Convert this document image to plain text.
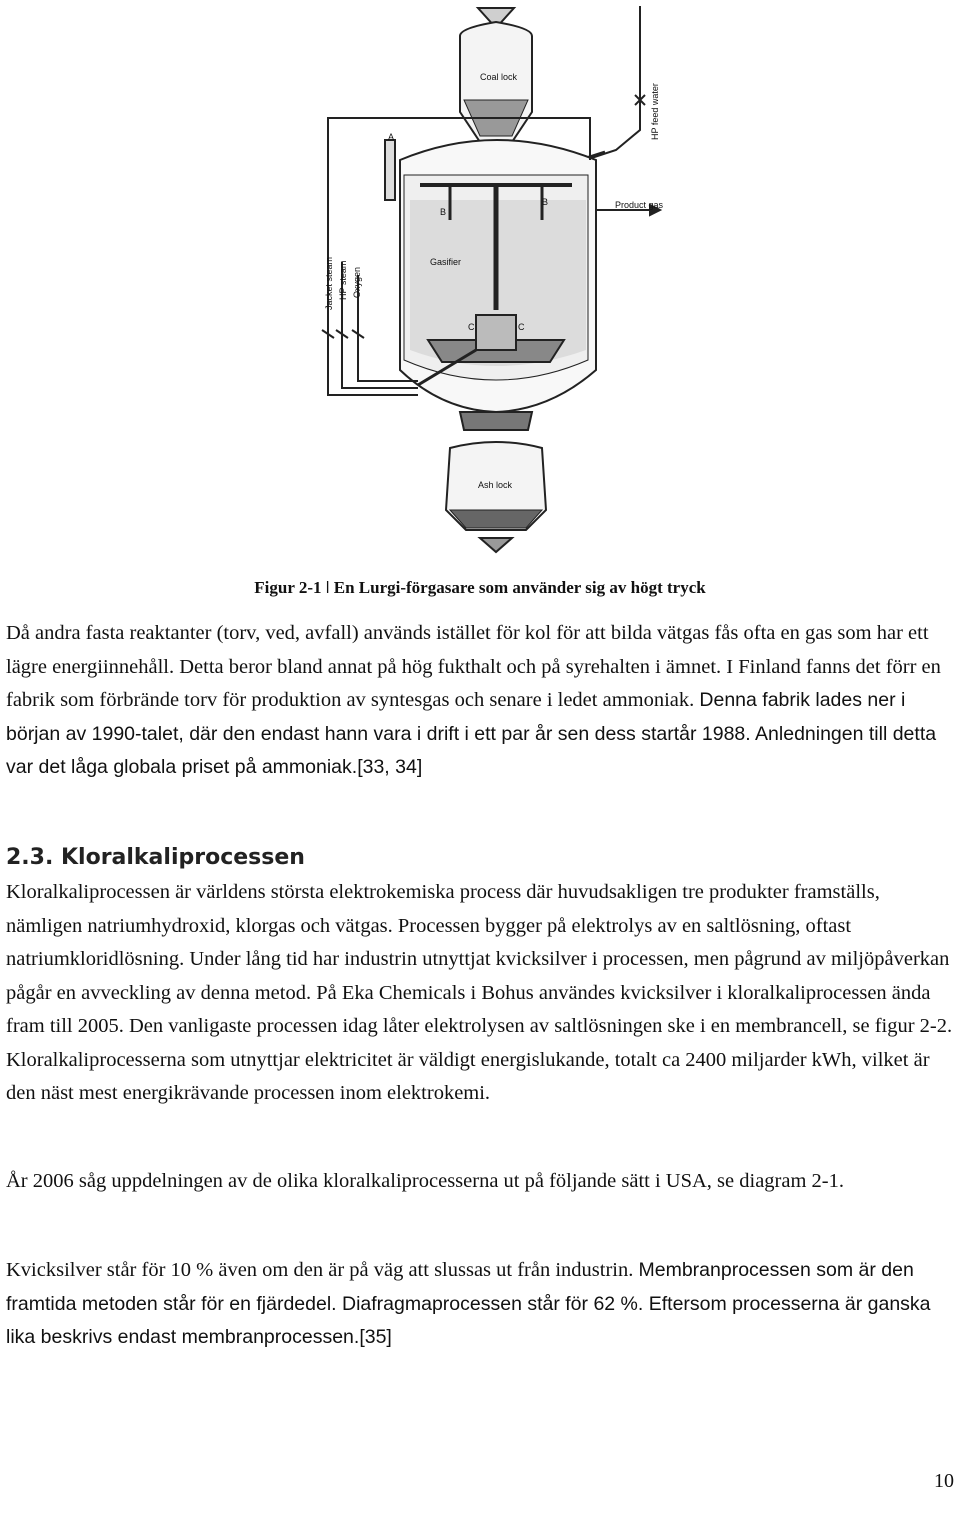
Coal lock
Gasifier
Ash lock
Product gas
A
B
B
C	C
HP feed water
Jacket steam HP steam Oxygen
Figur 2-1 ǀ En Lurgi-förgasare som använder sig av högt tryck
Då andra fasta reaktanter (torv, ved, avfall) används istället för kol för att bilda vätgas fås ofta en gas som har ett lägre energiinnehåll. Detta beror bland annat på hög fukthalt och på syrehalten i ämnet. I Finland fanns det förr en fabrik som förbrände torv för produktion av syntesgas och senare i ledet ammoniak. Denna fabrik lades ner i början av 1990-talet, där den endast hann vara i drift i ett par år sen dess startår 1988. Anledningen till detta var det låga globala priset på ammoniak.[33, 34]
2.3. Kloralkaliprocessen
Kloralkaliprocessen är världens största elektrokemiska process där huvudsakligen tre produkter framställs, nämligen natriumhydroxid, klorgas och vätgas. Processen bygger på elektrolys av en saltlösning, oftast natriumkloridlösning. Under lång tid har industrin utnyttjat kvicksilver i processen, men pågrund av miljöpåverkan pågår en avveckling av denna metod. På Eka Chemicals i Bohus användes kvicksilver i kloralkaliprocessen ända fram till 2005. Den vanligaste processen idag låter elektrolysen av saltlösningen ske i en membrancell, se figur 2-2. Kloralkaliprocesserna som utnyttjar elektricitet är väldigt energislukande, totalt ca 2400 miljarder kWh, vilket är den näst mest energikrävande processen inom elektrokemi.
År 2006 såg uppdelningen av de olika kloralkaliprocesserna ut på följande sätt i USA, se diagram 2-1.
Kvicksilver står för 10 % även om den är på väg att slussas ut från industrin. Membranprocessen som är den framtida metoden står för en fjärdedel. Diafragmaprocessen står för 62 %. Eftersom processerna är ganska lika beskrivs endast membranprocessen.[35]
10
